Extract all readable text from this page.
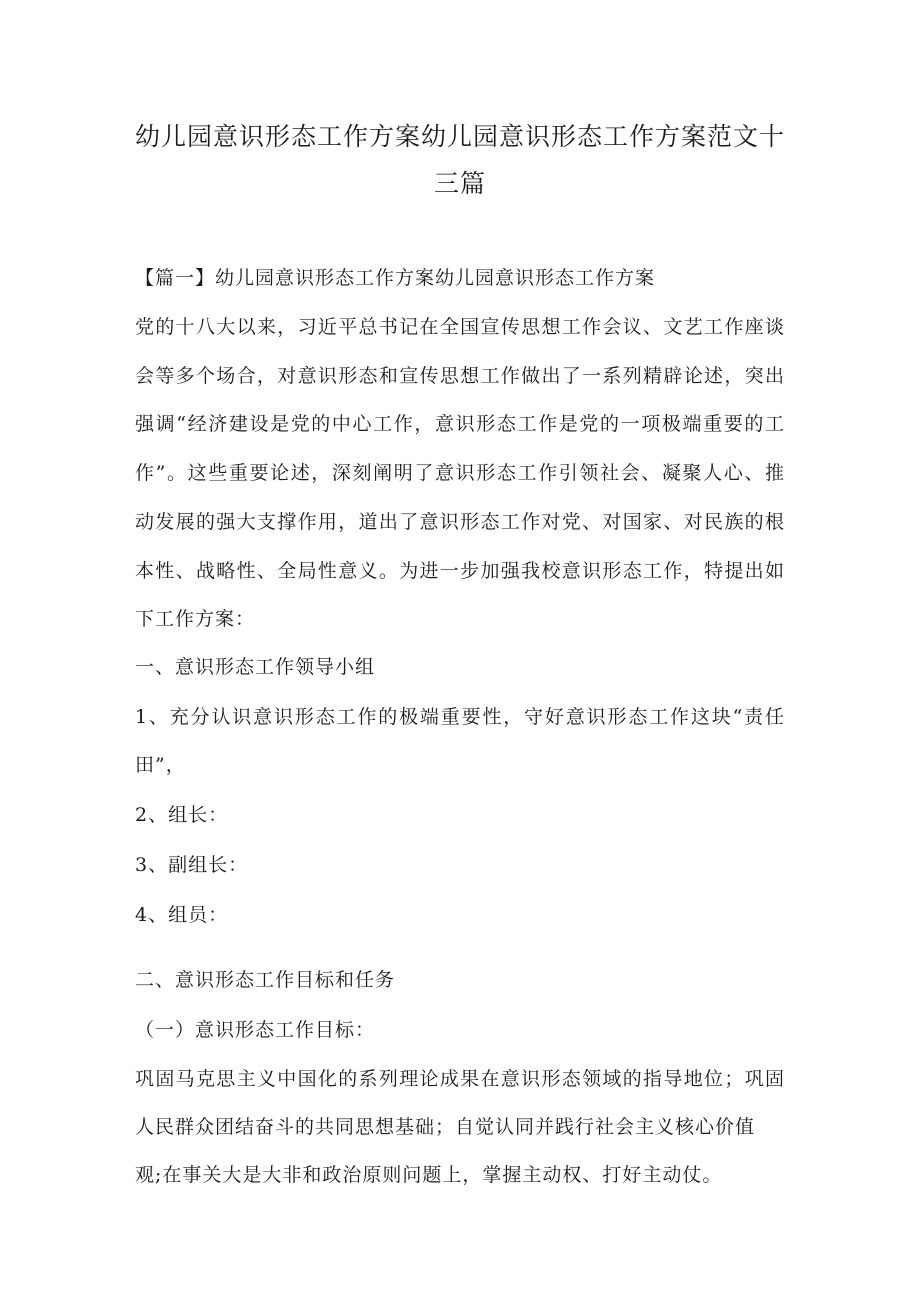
幼儿园意识形态工作方案幼儿园意识形态工作方案范文十
三篇
【篇一】幼儿园意识形态工作方案幼儿园意识形态工作方案
党的十八大以来，习近平总书记在全国宣传思想工作会议、文艺工作座谈
会等多个场合，对意识形态和宣传思想工作做出了一系列精辟论述，突出
强调“经济建设是党的中心工作，意识形态工作是党的一项极端重要的工
作”。这些重要论述，深刻阐明了意识形态工作引领社会、凝聚人心、推
动发展的强大支撑作用，道出了意识形态工作对党、对国家、对民族的根
本性、战略性、全局性意义。为进一步加强我校意识形态工作，特提出如
下工作方案：
一、意识形态工作领导小组
1、充分认识意识形态工作的极端重要性，守好意识形态工作这块“责任
田”，
2、组长：
3、副组长：
4、组员：
二、意识形态工作目标和任务
（一）意识形态工作目标：
巩固马克思主义中国化的系列理论成果在意识形态领域的指导地位；巩固
人民群众团结奋斗的共同思想基础；自觉认同并践行社会主义核心价值
观;在事关大是大非和政治原则问题上，掌握主动权、打好主动仗。
